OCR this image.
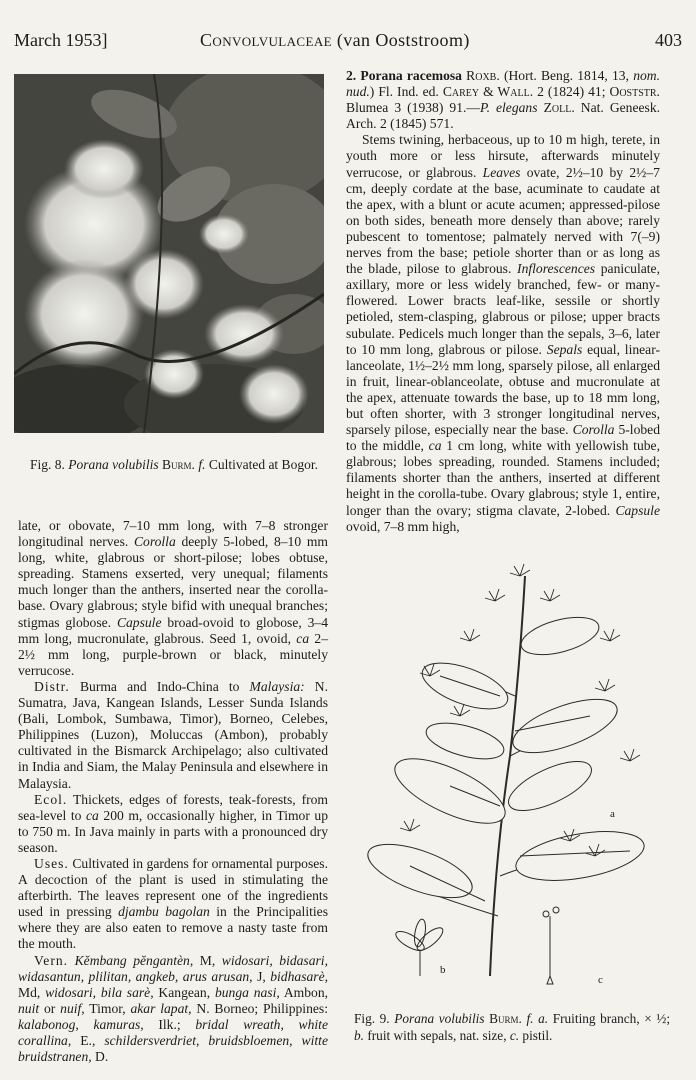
March 1953]	Convolvulaceae (van Ooststroom)	403
Fig. 8. Porana volubilis Burm. f. Cultivated at Bogor.

late, or obovate, 7–10 mm long, with 7–8 stronger longitudinal nerves. Corolla deeply 5-lobed, 8–10 mm long, white, glabrous or short-pilose; lobes obtuse, spreading. Stamens exserted, very unequal; filaments much longer than the anthers, inserted near the corolla-base. Ovary glabrous; style bifid with unequal branches; stigmas globose. Capsule broad-ovoid to globose, 3–4 mm long, mucronulate, glabrous. Seed 1, ovoid, ca 2–2½ mm long, purple-brown or black, minutely verrucose.

Distr. Burma and Indo-China to Malaysia: N. Sumatra, Java, Kangean Islands, Lesser Sunda Islands (Bali, Lombok, Sumbawa, Timor), Borneo, Celebes, Philippines (Luzon), Moluccas (Ambon), probably cultivated in the Bismarck Archipelago; also cultivated in India and Siam, the Malay Peninsula and elsewhere in Malaysia.

Ecol. Thickets, edges of forests, teak-forests, from sea-level to ca 200 m, occasionally higher, in Timor up to 750 m. In Java mainly in parts with a pronounced dry season.

Uses. Cultivated in gardens for ornamental purposes. A decoction of the plant is used in stimulating the afterbirth. The leaves represent one of the ingredients used in pressing djambu bagolan in the Principalities where they are also eaten to remove a nasty taste from the mouth.

Vern. Kĕmbang pĕngantèn, M, widosari, bidasari, widasantun, plilitan, angkeb, arus arusan, J, bidhasarè, Md, widosari, bila sarè, Kangean, bunga nasi, Ambon, nuit or nuif, Timor, akar lapat, N. Borneo; Philippines: kalabonog, kamuras, Ilk.; bridal wreath, white corallina, E., schildersverdriet, bruidsbloemen, witte bruidstranen, D.

2. Porana racemosa Roxb. (Hort. Beng. 1814, 13, nom. nud.) Fl. Ind. ed. Carey & Wall. 2 (1824) 41; Ooststr. Blumea 3 (1938) 91.—P. elegans Zoll. Nat. Geneesk. Arch. 2 (1845) 571.

Stems twining, herbaceous, up to 10 m high, terete, in youth more or less hirsute, afterwards minutely verrucose, or glabrous. Leaves ovate, 2½–10 by 2½–7 cm, deeply cordate at the base, acuminate to caudate at the apex, with a blunt or acute acumen; appressed-pilose on both sides, beneath more densely than above; rarely pubescent to tomentose; palmately nerved with 7(–9) nerves from the base; petiole shorter than or as long as the blade, pilose to glabrous. Inflorescences paniculate, axillary, more or less widely branched, few- or many-flowered. Lower bracts leaf-like, sessile or shortly petioled, stem-clasping, glabrous or pilose; upper bracts subulate. Pedicels much longer than the sepals, 3–6, later to 10 mm long, glabrous or pilose. Sepals equal, linear-lanceolate, 1½–2½ mm long, sparsely pilose, all enlarged in fruit, linear-oblanceolate, obtuse and mucronulate at the apex, attenuate towards the base, up to 18 mm long, but often shorter, with 3 stronger longitudinal nerves, sparsely pilose, especially near the base. Corolla 5-lobed to the middle, ca 1 cm long, white with yellowish tube, glabrous; lobes spreading, rounded. Stamens included; filaments shorter than the anthers, inserted at different height in the corolla-tube. Ovary glabrous; style 1, entire, longer than the ovary; stigma clavate, 2-lobed. Capsule ovoid, 7–8 mm high,

a
b
c
Fig. 9. Porana volubilis Burm. f. a. Fruiting branch, × ½; b. fruit with sepals, nat. size, c. pistil.
